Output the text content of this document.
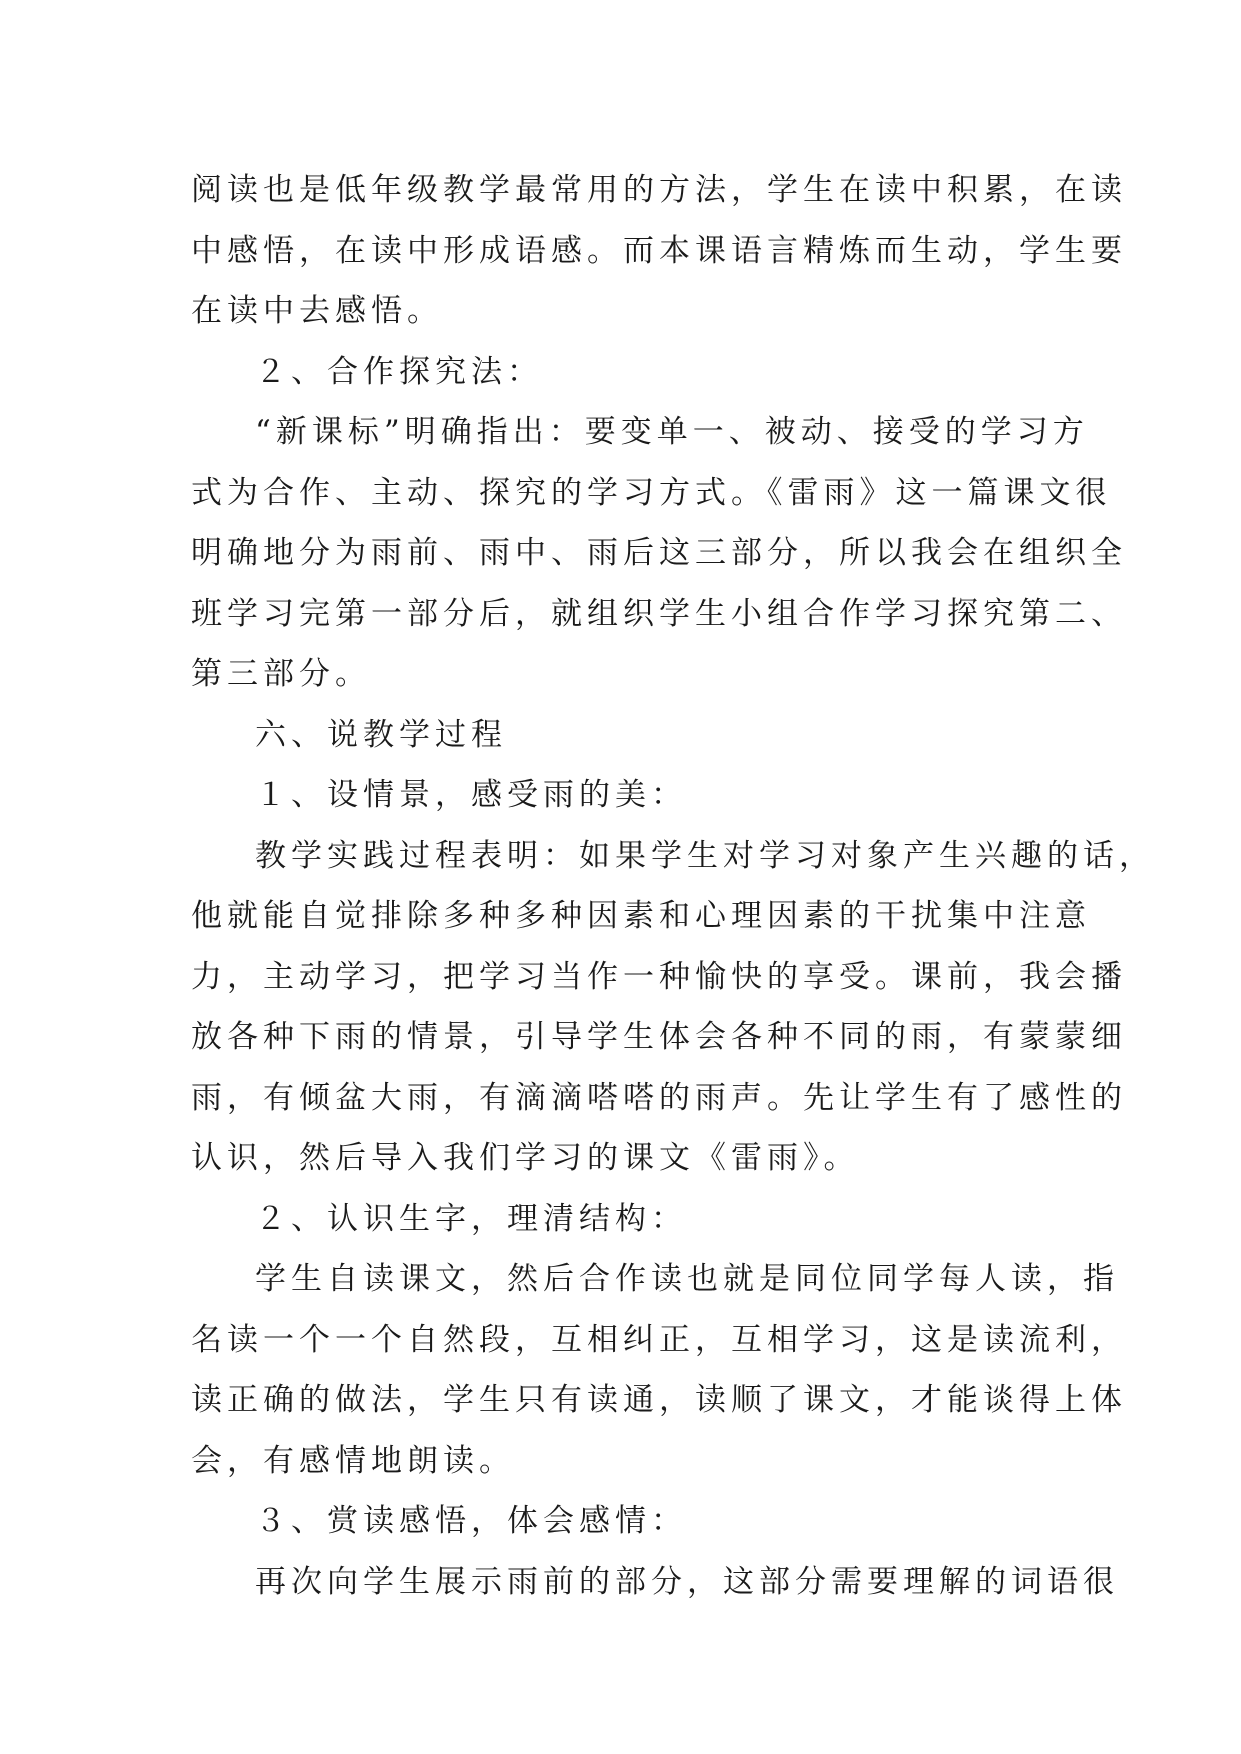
阅读也是低年级教学最常用的方法，学生在读中积累，在读
中感悟，在读中形成语感。而本课语言精炼而生动，学生要
在读中去感悟。
２、合作探究法：
“新课标”明确指出：要变单一、被动、接受的学习方
式为合作、主动、探究的学习方式。《雷雨》这一篇课文很
明确地分为雨前、雨中、雨后这三部分，所以我会在组织全
班学习完第一部分后，就组织学生小组合作学习探究第二、
第三部分。
六、说教学过程
１、设情景，感受雨的美：
教学实践过程表明：如果学生对学习对象产生兴趣的话，
他就能自觉排除多种多种因素和心理因素的干扰集中注意
力，主动学习，把学习当作一种愉快的享受。课前，我会播
放各种下雨的情景，引导学生体会各种不同的雨，有蒙蒙细
雨，有倾盆大雨，有滴滴嗒嗒的雨声。先让学生有了感性的
认识，然后导入我们学习的课文《雷雨》。
２、认识生字，理清结构：
学生自读课文，然后合作读也就是同位同学每人读，指
名读一个一个自然段，互相纠正，互相学习，这是读流利，
读正确的做法，学生只有读通，读顺了课文，才能谈得上体
会，有感情地朗读。
３、赏读感悟，体会感情：
再次向学生展示雨前的部分，这部分需要理解的词语很
